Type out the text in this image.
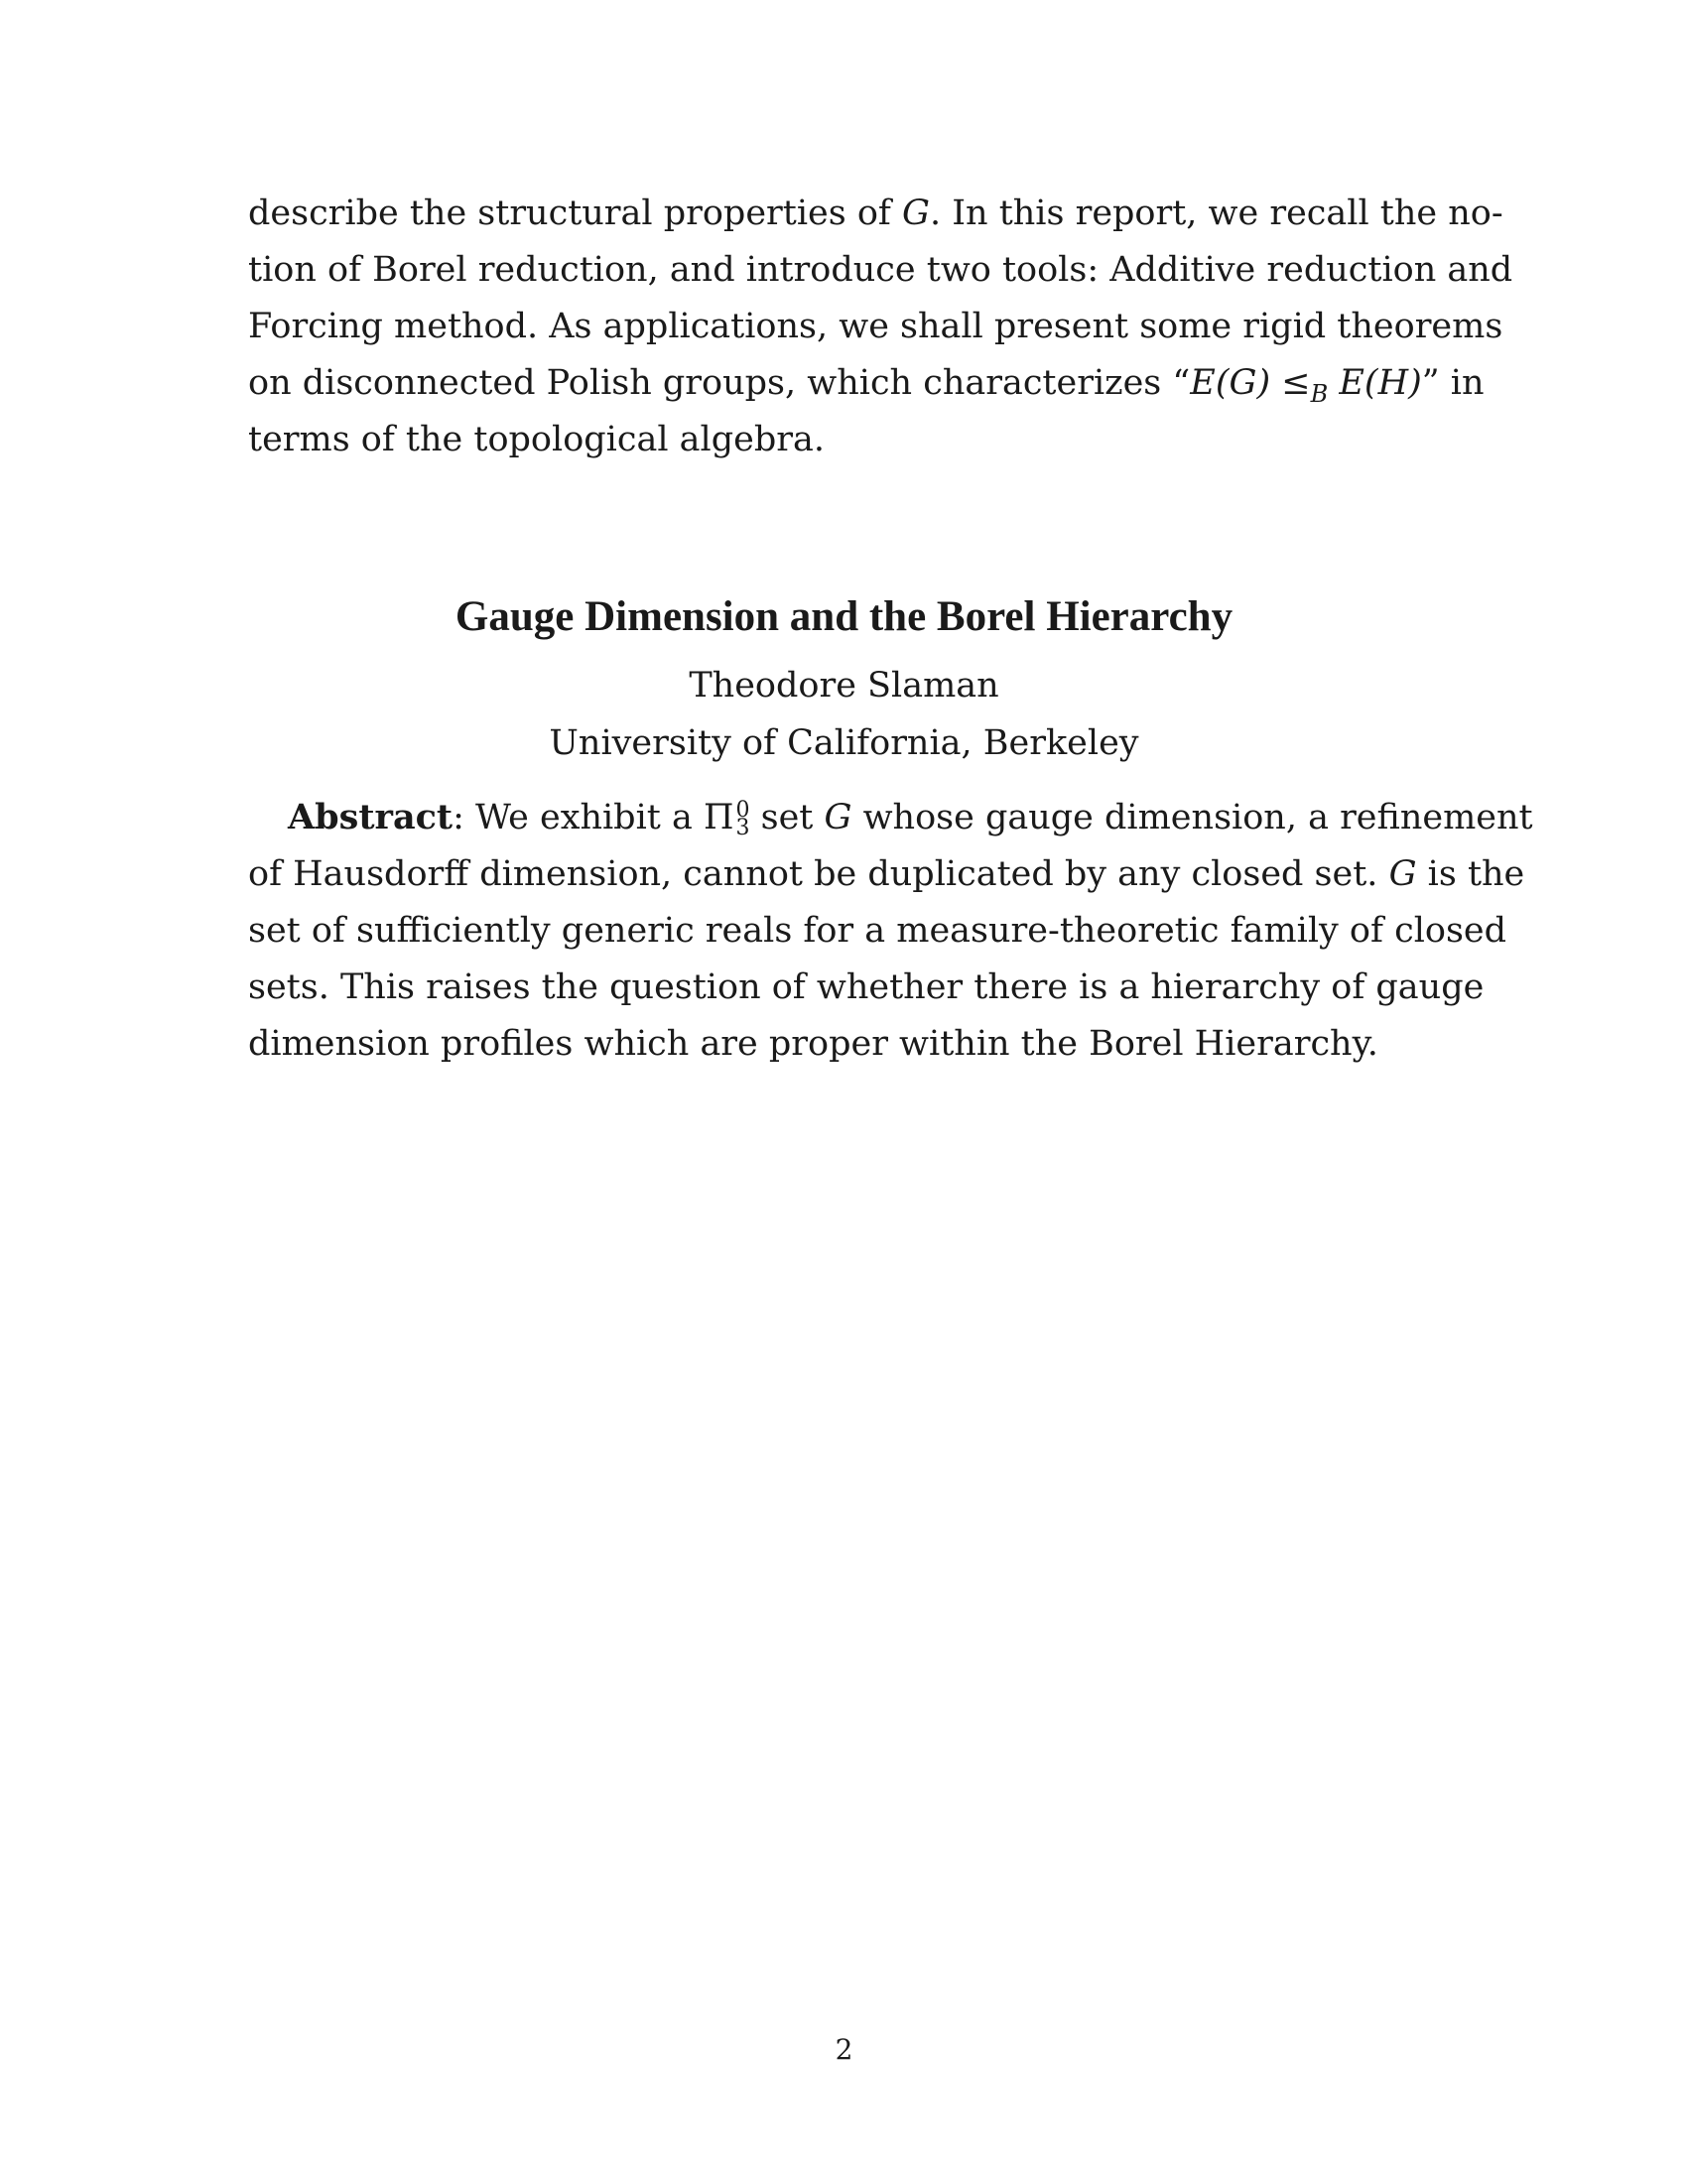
describe the structural properties of G. In this report, we recall the no-
tion of Borel reduction, and introduce two tools: Additive reduction and
Forcing method. As applications, we shall present some rigid theorems
on disconnected Polish groups, which characterizes “$E(G) \le_B$ E(H)” in
terms of the topological algebra.
Gauge Dimension and the Borel Hierarchy
Theodore Slaman
University of California, Berkeley
Abstract: We exhibit a Π 0
3 set G whose gauge dimension, a refinement
of Hausdorff dimension, cannot be duplicated by any closed set. G is the
set of sufficiently generic reals for a measure-theoretic family of closed
sets. This raises the question of whether there is a hierarchy of gauge
dimension profiles which are proper within the Borel Hierarchy.
2
